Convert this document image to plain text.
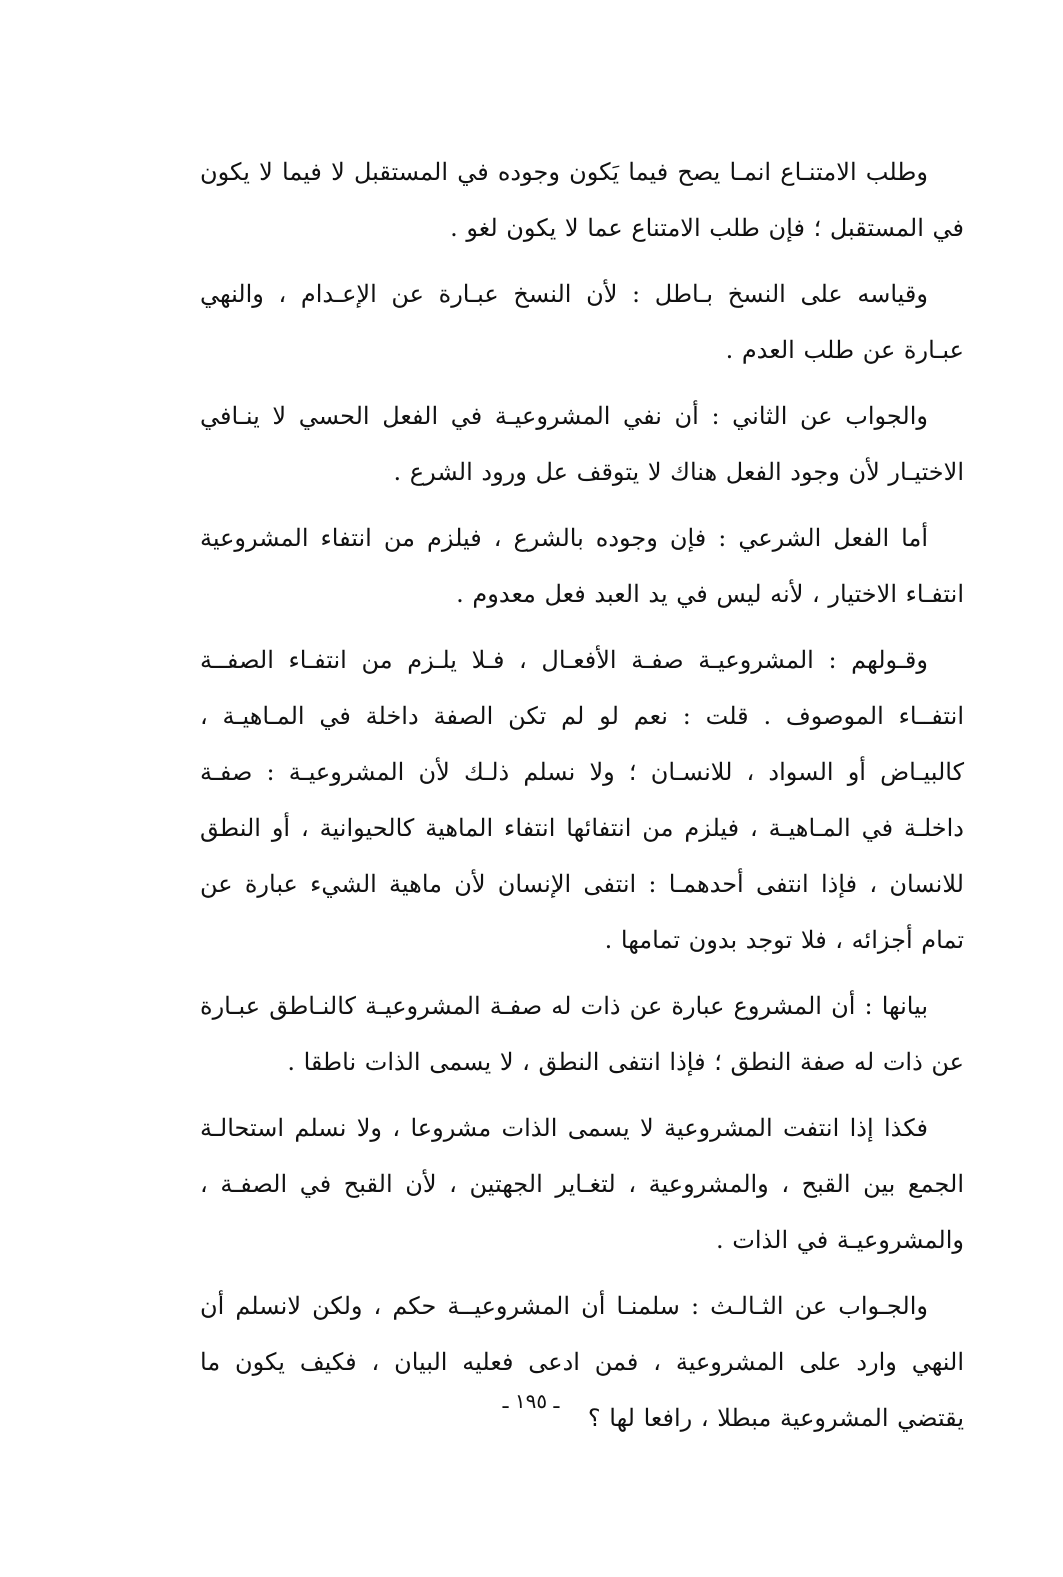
وطلب الامتنـاع انمـا يصح فيما يَكون وجوده في المستقبل لا فيما لا يكون في المستقبل ؛ فإن طلب الامتناع عما لا يكون لغو .

وقياسه على النسخ بـاطل : لأن النسخ عبـارة عن الإعـدام ، والنهي عبـارة عن طلب العدم .

والجواب عن الثاني : أن نفي المشروعيـة في الفعل الحسي لا ينـافي الاختيـار لأن وجود الفعل هناك لا يتوقف عل ورود الشرع .

أما الفعل الشرعي : فإن وجوده بالشرع ، فيلزم من انتفاء المشروعية انتفـاء الاختيار ، لأنه ليس في يد العبد فعل معدوم .

وقـولهم : المشروعيـة صفـة الأفعـال ، فـلا يلـزم من انتفـاء الصفــة انتفــاء الموصوف . قلت : نعم لو لم تكن الصفة داخلة في المـاهيـة ، كالبيـاض أو السواد ، للانسـان ؛ ولا نسلم ذلـك لأن المشروعيـة : صفـة داخلـة في المـاهيـة ، فيلزم من انتفائها انتفاء الماهية كالحيوانية ، أو النطق للانسان ، فإذا انتفى أحدهمـا : انتفى الإنسان لأن ماهية الشيء عبارة عن تمام أجزائه ، فلا توجد بدون تمامها .

بيانها : أن المشروع عبارة عن ذات له صفـة المشروعيـة كالنـاطق عبـارة عن ذات له صفة النطق ؛ فإذا انتفى النطق ، لا يسمى الذات ناطقا .

فكذا إذا انتفت المشروعية لا يسمى الذات مشروعا ، ولا نسلم استحالـة الجمع بين القبح ، والمشروعية ، لتغـاير الجهتين ، لأن القبح في الصفـة ، والمشروعيـة في الذات .

والجـواب عن الثـالـث : سلمنـا أن المشروعيــة حكم ، ولكن لانسلم أن النهي وارد على المشروعية ، فمن ادعى فعليه البيان ، فكيف يكون ما يقتضي المشروعية مبطلا ، رافعا لها ؟

ـ ١٩٥ ـ
